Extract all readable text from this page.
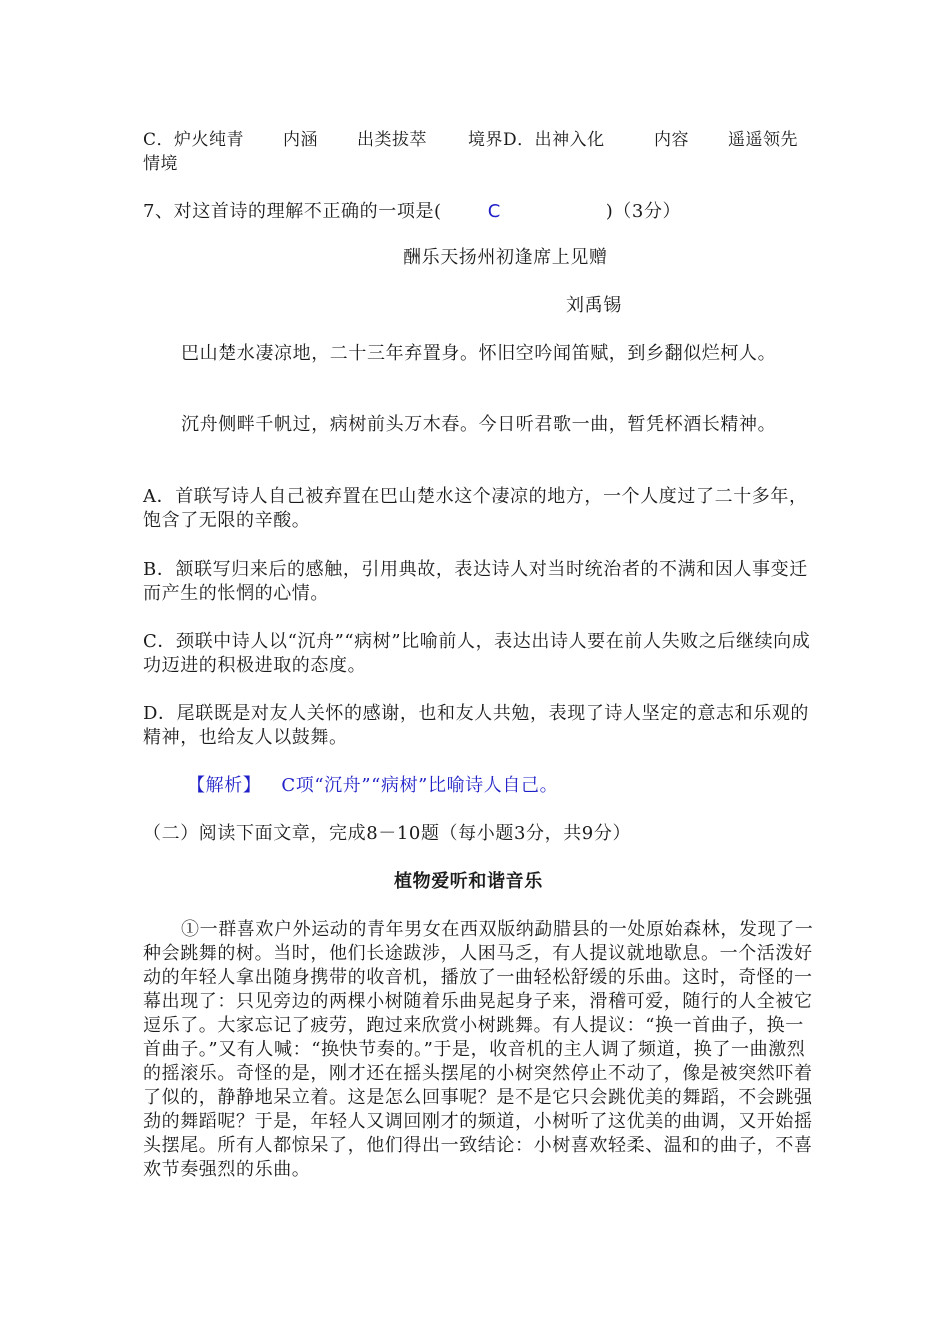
C．炉火纯青	内涵	出类拔萃	境界D．出神入化	内容	遥遥领先
情境
7、对这首诗的理解不正确的一项是(	C	)（3分）
酬乐天扬州初逢席上见赠
刘禹锡
巴山楚水凄凉地，二十三年弃置身。怀旧空吟闻笛赋，到乡翻似烂柯人。
沉舟侧畔千帆过，病树前头万木春。今日听君歌一曲，暂凭杯酒长精神。
A．首联写诗人自己被弃置在巴山楚水这个凄凉的地方，一个人度过了二十多年，饱含了无限的辛酸。
B．颔联写归来后的感触，引用典故，表达诗人对当时统治者的不满和因人事变迁而产生的怅惘的心情。
C．颈联中诗人以“沉舟”“病树”比喻前人，表达出诗人要在前人失败之后继续向成功迈进的积极进取的态度。
D．尾联既是对友人关怀的感谢，也和友人共勉，表现了诗人坚定的意志和乐观的精神，也给友人以鼓舞。
【解析】 C项“沉舟”“病树”比喻诗人自己。
（二）阅读下面文章，完成8－10题（每小题3分，共9分）
植物爱听和谐音乐
①一群喜欢户外运动的青年男女在西双版纳勐腊县的一处原始森林，发现了一种会跳舞的树。当时，他们长途跋涉，人困马乏，有人提议就地歇息。一个活泼好动的年轻人拿出随身携带的收音机，播放了一曲轻松舒缓的乐曲。这时，奇怪的一幕出现了：只见旁边的两棵小树随着乐曲晃起身子来，滑稽可爱，随行的人全被它逗乐了。大家忘记了疲劳，跑过来欣赏小树跳舞。有人提议：“换一首曲子，换一首曲子。”又有人喊：“换快节奏的。”于是，收音机的主人调了频道，换了一曲激烈的摇滚乐。奇怪的是，刚才还在摇头摆尾的小树突然停止不动了，像是被突然吓着了似的，静静地呆立着。这是怎么回事呢？是不是它只会跳优美的舞蹈，不会跳强劲的舞蹈呢？于是，年轻人又调回刚才的频道，小树听了这优美的曲调，又开始摇头摆尾。所有人都惊呆了，他们得出一致结论：小树喜欢轻柔、温和的曲子，不喜欢节奏强烈的乐曲。
